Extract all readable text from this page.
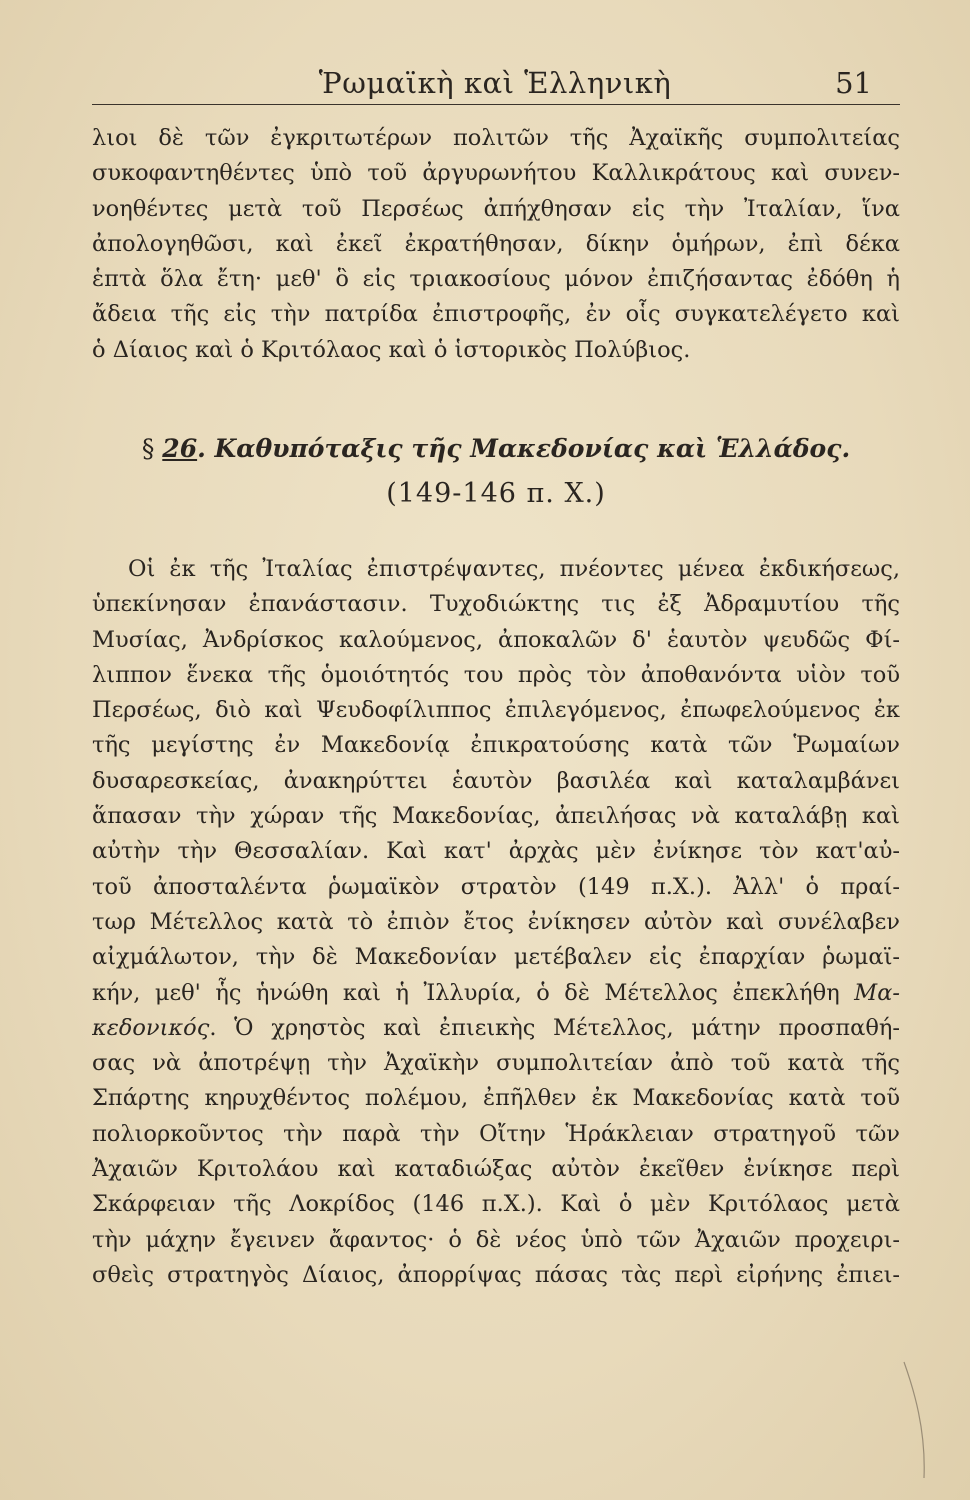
Ῥωμαϊκὴ καὶ Ἑλληνικὴ	51
λιοι δὲ τῶν ἐγκριτωτέρων πολιτῶν τῆς Ἀχαϊκῆς συμπολιτείας
συκοφαντηθέντες ὑπὸ τοῦ ἀργυρωνήτου Καλλικράτους καὶ συνεν-
νοηθέντες μετὰ τοῦ Περσέως ἀπήχθησαν εἰς τὴν Ἰταλίαν, ἵνα
ἀπολογηθῶσι, καὶ ἐκεῖ ἐκρατήθησαν, δίκην ὁμήρων, ἐπὶ δέκα
ἑπτὰ ὅλα ἔτη· μεθ' ὃ εἰς τριακοσίους μόνον ἐπιζήσαντας ἐδόθη ἡ
ἄδεια τῆς εἰς τὴν πατρίδα ἐπιστροφῆς, ἐν οἷς συγκατελέγετο καὶ
ὁ Δίαιος καὶ ὁ Κριτόλαος καὶ ὁ ἱστορικὸς Πολύβιος.
§ 26. Καθυπόταξις τῆς Μακεδονίας καὶ Ἑλλάδος.
(149-146 π. Χ.)
Οἱ ἐκ τῆς Ἰταλίας ἐπιστρέψαντες, πνέοντες μένεα ἐκδικήσεως,
ὑπεκίνησαν ἐπανάστασιν. Τυχοδιώκτης τις ἐξ Ἀδραμυτίου τῆς
Μυσίας, Ἀνδρίσκος καλούμενος, ἀποκαλῶν δ' ἑαυτὸν ψευδῶς Φί-
λιππον ἕνεκα τῆς ὁμοιότητός του πρὸς τὸν ἀποθανόντα υἱὸν τοῦ
Περσέως, διὸ καὶ Ψευδοφίλιππος ἐπιλεγόμενος, ἐπωφελούμενος ἐκ
τῆς μεγίστης ἐν Μακεδονίᾳ ἐπικρατούσης κατὰ τῶν Ῥωμαίων
δυσαρεσκείας, ἀνακηρύττει ἑαυτὸν βασιλέα καὶ καταλαμβάνει
ἅπασαν τὴν χώραν τῆς Μακεδονίας, ἀπειλήσας νὰ καταλάβῃ καὶ
αὐτὴν τὴν Θεσσαλίαν. Καὶ κατ' ἀρχὰς μὲν ἐνίκησε τὸν κατ'αὐ-
τοῦ ἀποσταλέντα ῥωμαϊκὸν στρατὸν (149 π.Χ.). Ἀλλ' ὁ πραί-
τωρ Μέτελλος κατὰ τὸ ἐπιὸν ἔτος ἐνίκησεν αὐτὸν καὶ συνέλαβεν
αἰχμάλωτον, τὴν δὲ Μακεδονίαν μετέβαλεν εἰς ἐπαρχίαν ῥωμαϊ-
κήν, μεθ' ἧς ἡνώθη καὶ ἡ Ἰλλυρία, ὁ δὲ Μέτελλος ἐπεκλήθη Μα-
κεδονικός. Ὁ χρηστὸς καὶ ἐπιεικὴς Μέτελλος, μάτην προσπαθή-
σας νὰ ἀποτρέψῃ τὴν Ἀχαϊκὴν συμπολιτείαν ἀπὸ τοῦ κατὰ τῆς
Σπάρτης κηρυχθέντος πολέμου, ἐπῆλθεν ἐκ Μακεδονίας κατὰ τοῦ
πολιορκοῦντος τὴν παρὰ τὴν Οἴτην Ἡράκλειαν στρατηγοῦ τῶν
Ἀχαιῶν Κριτολάου καὶ καταδιώξας αὐτὸν ἐκεῖθεν ἐνίκησε περὶ
Σκάρφειαν τῆς Λοκρίδος (146 π.Χ.). Καὶ ὁ μὲν Κριτόλαος μετὰ
τὴν μάχην ἔγεινεν ἄφαντος· ὁ δὲ νέος ὑπὸ τῶν Ἀχαιῶν προχειρι-
σθεὶς στρατηγὸς Δίαιος, ἀπορρίψας πάσας τὰς περὶ εἰρήνης ἐπιει-
